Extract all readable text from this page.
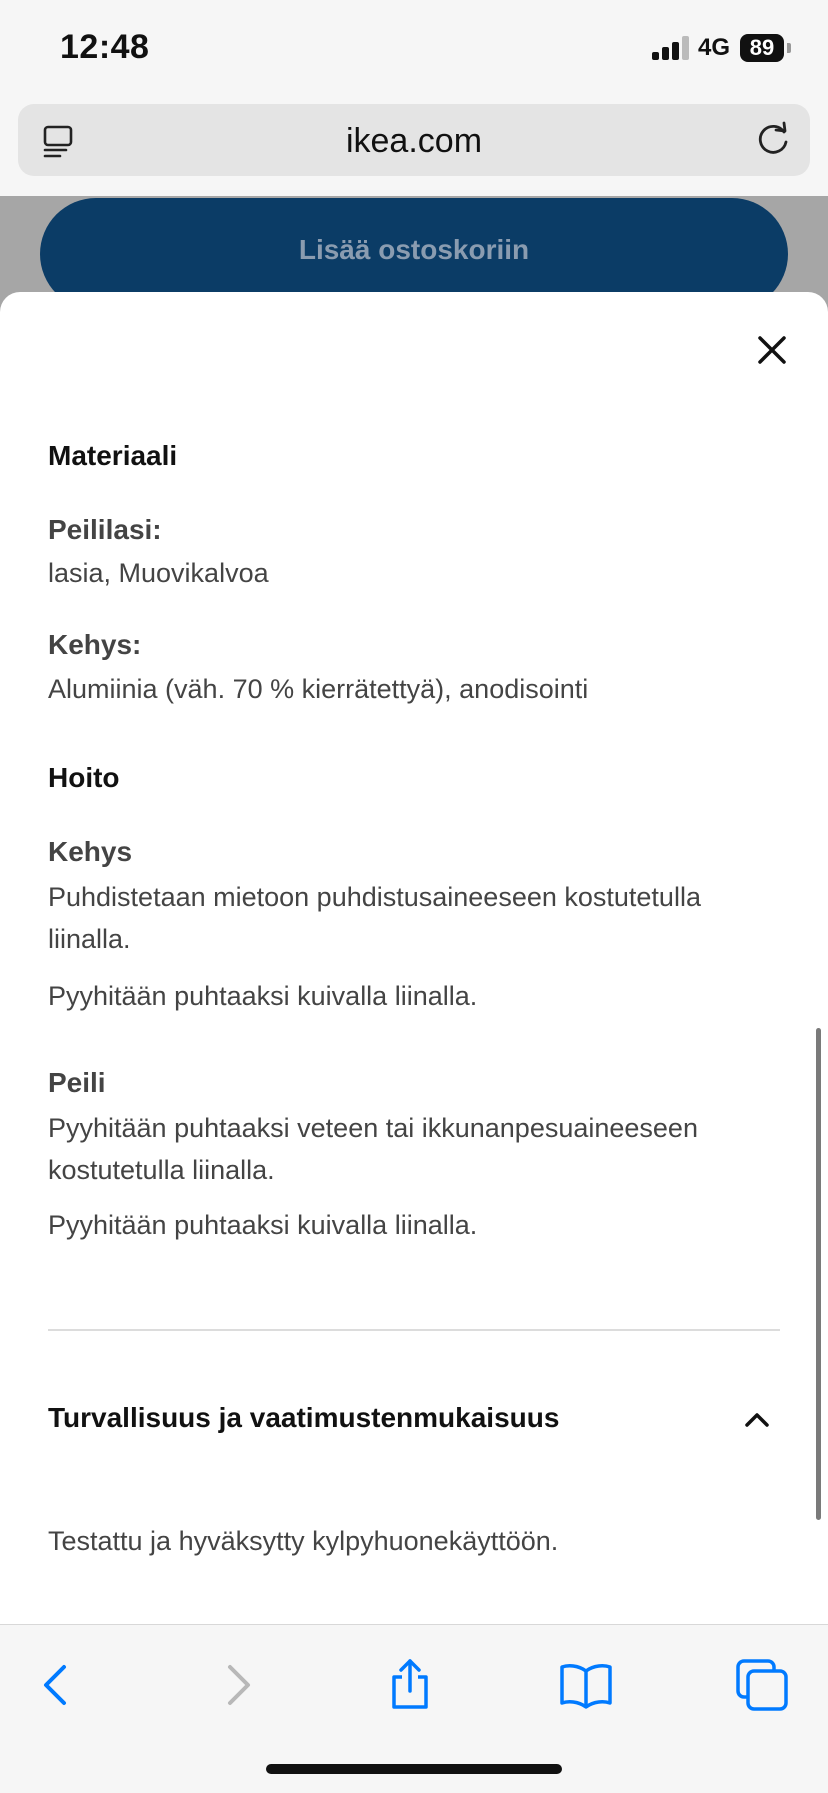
12:48	4G 89
ikea.com
Lisää ostoskoriin
Materiaali
Peililasi:
lasia, Muovikalvoa
Kehys:
Alumiinia (väh. 70 % kierrätettyä), anodisointi
Hoito
Kehys
Puhdistetaan mietoon puhdistusaineeseen kostutetulla liinalla.
Pyyhitään puhtaaksi kuivalla liinalla.
Peili
Pyyhitään puhtaaksi veteen tai ikkunanpesuaineeseen kostutetulla liinalla.
Pyyhitään puhtaaksi kuivalla liinalla.
Turvallisuus ja vaatimustenmukaisuus
Testattu ja hyväksytty kylpyhuonekäyttöön.
